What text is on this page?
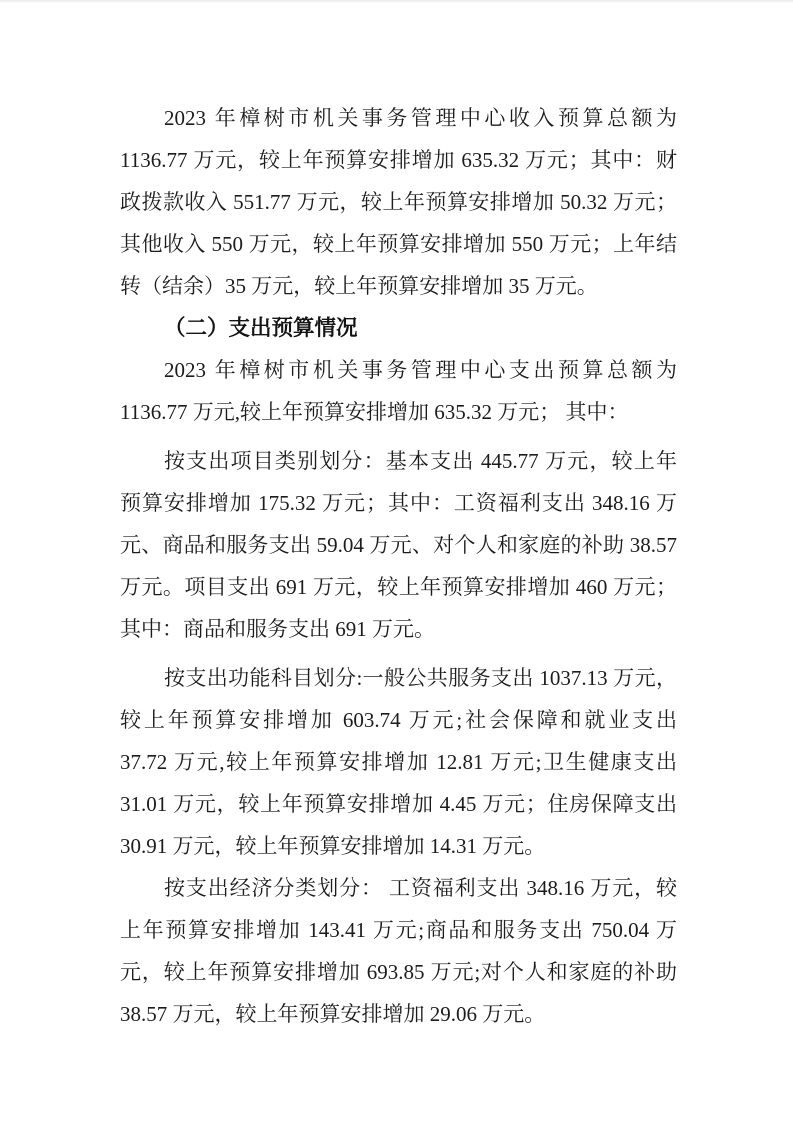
2023 年樟树市机关事务管理中心收入预算总额为
1136.77 万元，较上年预算安排增加 635.32 万元；其中：财
政拨款收入 551.77 万元，较上年预算安排增加 50.32 万元；
其他收入 550 万元，较上年预算安排增加 550 万元；上年结
转（结余）35 万元，较上年预算安排增加 35 万元。
（二）支出预算情况
2023 年樟树市机关事务管理中心支出预算总额为
1136.77 万元,较上年预算安排增加 635.32 万元； 其中：
按支出项目类别划分：基本支出 445.77 万元，较上年
预算安排增加 175.32 万元；其中：工资福利支出 348.16 万
元、商品和服务支出 59.04 万元、对个人和家庭的补助 38.57
万元。项目支出 691 万元，较上年预算安排增加 460 万元；
其中：商品和服务支出 691 万元。
按支出功能科目划分:一般公共服务支出 1037.13 万元，
较上年预算安排增加 603.74 万元;社会保障和就业支出
37.72 万元,较上年预算安排增加 12.81 万元;卫生健康支出
31.01 万元，较上年预算安排增加 4.45 万元；住房保障支出
30.91 万元，较上年预算安排增加 14.31 万元。
按支出经济分类划分： 工资福利支出 348.16 万元，较
上年预算安排增加 143.41 万元;商品和服务支出 750.04 万
元，较上年预算安排增加 693.85 万元;对个人和家庭的补助
38.57 万元，较上年预算安排增加 29.06 万元。
